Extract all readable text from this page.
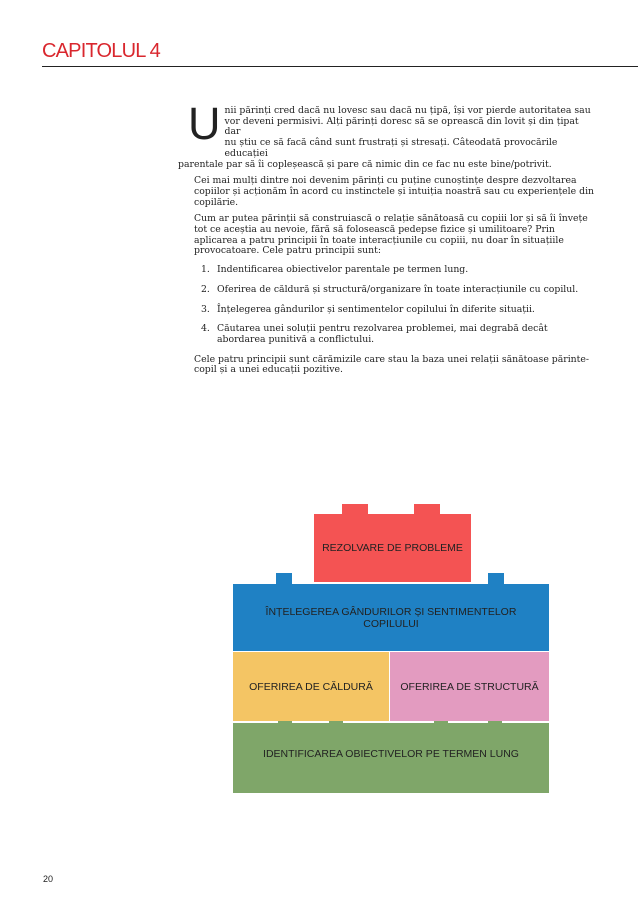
CAPITOLUL 4
U nii părinți cred dacă nu lovesc sau dacă nu țipă, își vor pierde autoritatea sau
vor deveni permisivi. Alți părinți doresc să se oprească din lovit și din țipat dar
nu știu ce să facă când sunt frustrați și stresați. Câteodată provocările educației
parentale par să îi copleșească și pare că nimic din ce fac nu este bine/potrivit.

Cei mai mulți dintre noi devenim părinți cu puține cunoștințe despre dezvoltarea copiilor și acționăm în acord cu instinctele și intuiția noastră sau cu experiențele din copilărie.

Cum ar putea părinții să construiască o relație sănătoasă cu copiii lor și să îi învețe tot ce aceștia au nevoie, fără să folosească pedepse fizice și umilitoare? Prin aplicarea a patru principii în toate interacțiunile cu copiii, nu doar în situațiile provocatoare. Cele patru principii sunt:

1. Indentificarea obiectivelor parentale pe termen lung.
2. Oferirea de căldură și structură/organizare în toate interacțiunile cu copilul.
3. Înțelegerea gândurilor și sentimentelor copilului în diferite situații.
4. Căutarea unei soluții pentru rezolvarea problemei, mai degrabă decât abordarea punitivă a conflictului.

Cele patru principii sunt cărămizile care stau la baza unei relații sănătoase părinte-copil și a unei educații pozitive.

REZOLVARE DE PROBLEME
ÎNȚELEGEREA GÂNDURILOR ȘI SENTIMENTELOR COPILULUI
OFERIREA DE CĂLDURĂ	OFERIREA DE STRUCTURĂ
IDENTIFICAREA OBIECTIVELOR PE TERMEN LUNG
20
